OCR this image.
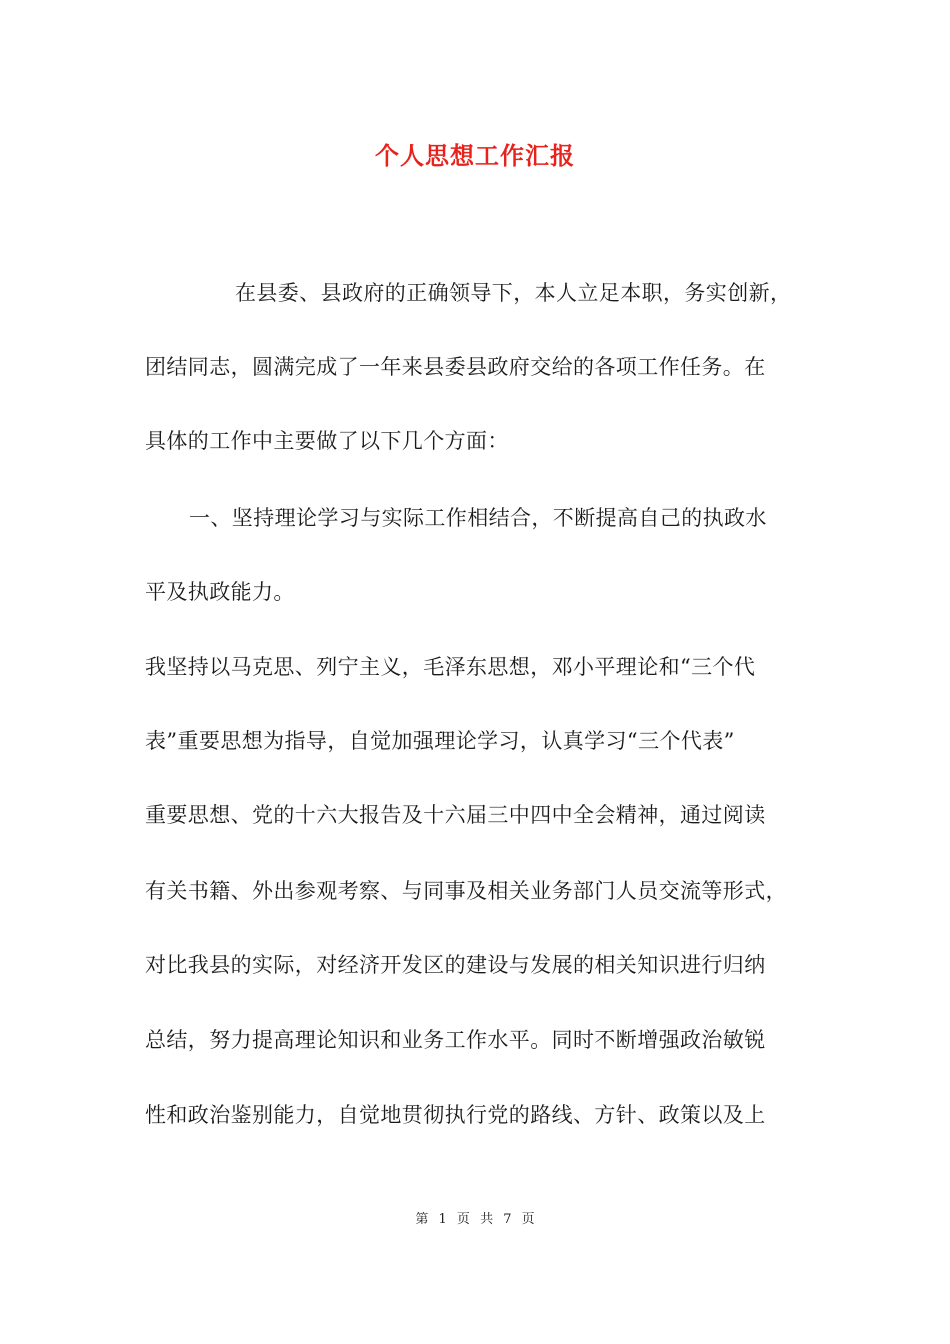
个人思想工作汇报
在县委、县政府的正确领导下，本人立足本职，务实创新，
团结同志，圆满完成了一年来县委县政府交给的各项工作任务。在
具体的工作中主要做了以下几个方面：
一、坚持理论学习与实际工作相结合，不断提高自己的执政水
平及执政能力。
我坚持以马克思、列宁主义，毛泽东思想，邓小平理论和“三个代
表”重要思想为指导，自觉加强理论学习，认真学习“三个代表”
重要思想、党的十六大报告及十六届三中四中全会精神，通过阅读
有关书籍、外出参观考察、与同事及相关业务部门人员交流等形式，
对比我县的实际，对经济开发区的建设与发展的相关知识进行归纳
总结，努力提高理论知识和业务工作水平。同时不断增强政治敏锐
性和政治鉴别能力，自觉地贯彻执行党的路线、方针、政策以及上
第 1 页 共 7 页
